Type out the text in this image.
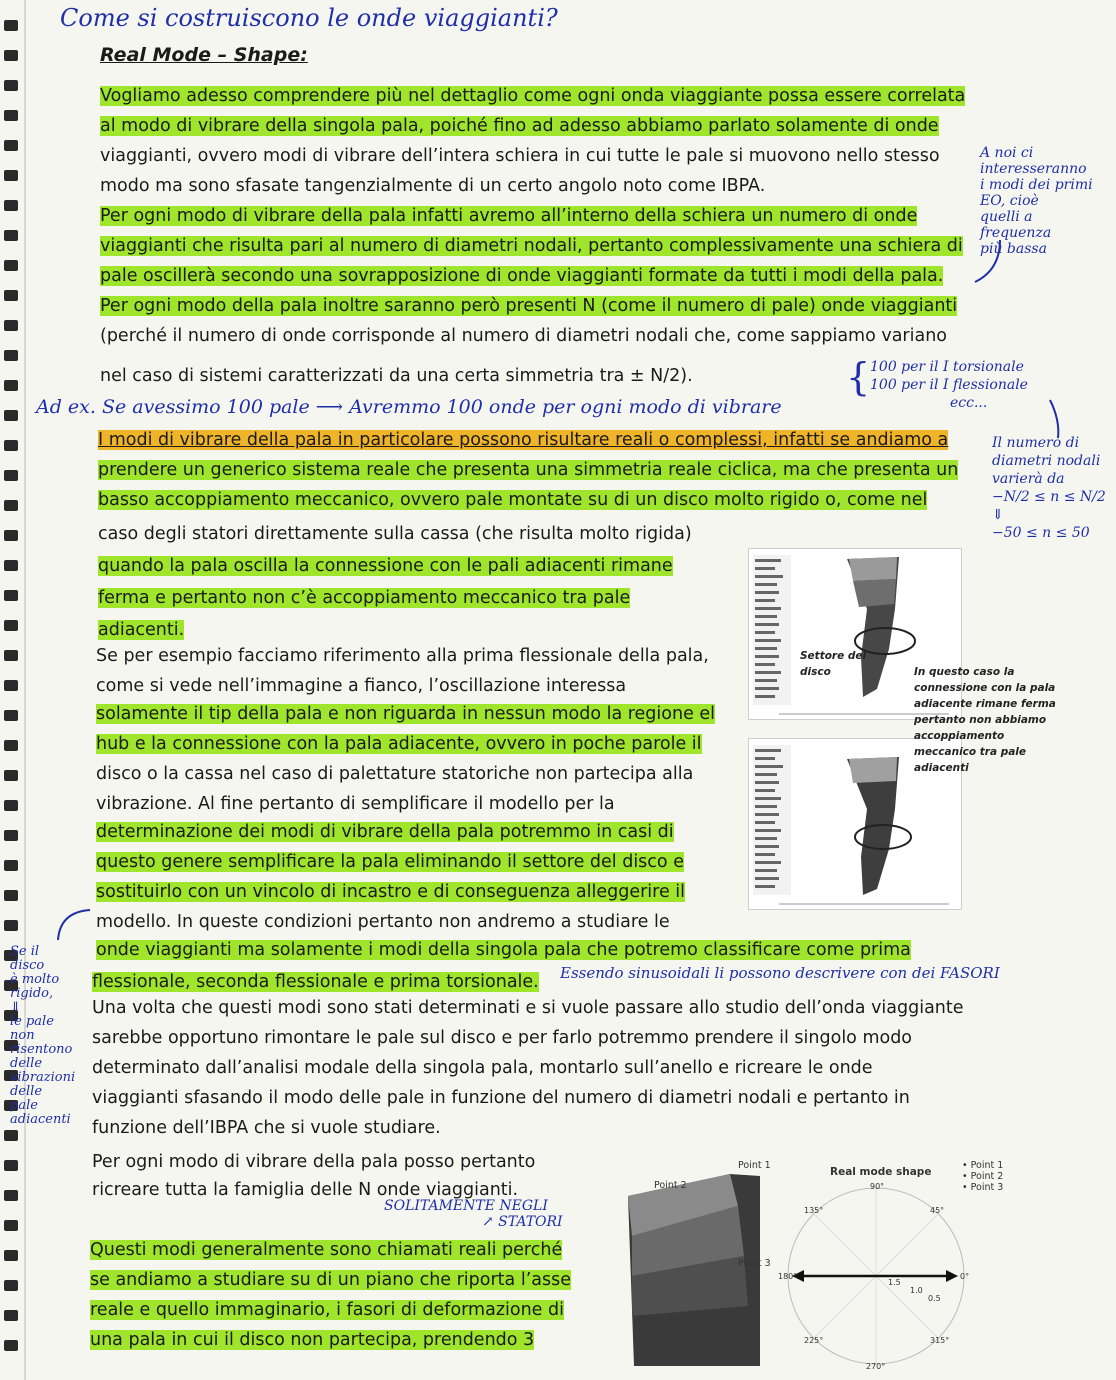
Come si costruiscono le onde viaggianti?
Real Mode – Shape:
Vogliamo adesso comprendere più nel dettaglio come ogni onda viaggiante possa essere correlata
al modo di vibrare della singola pala, poiché fino ad adesso abbiamo parlato solamente di onde
viaggianti, ovvero modi di vibrare dell’intera schiera in cui tutte le pale si muovono nello stesso
modo ma sono sfasate tangenzialmente di un certo angolo noto come IBPA.
Per ogni modo di vibrare della pala infatti avremo all’interno della schiera un numero di onde
viaggianti che risulta pari al numero di diametri nodali, pertanto complessivamente una schiera di
pale oscillerà secondo una sovrapposizione di onde viaggianti formate da tutti i modi della pala.
Per ogni modo della pala inoltre saranno però presenti N (come il numero di pale) onde viaggianti
(perché il numero di onde corrisponde al numero di diametri nodali che, come sappiamo variano
nel caso di sistemi caratterizzati da una certa simmetria tra ± N/2).
Ad ex. Se avessimo 100 pale ⟶ Avremmo 100 onde per ogni modo di vibrare
{ 100 per il I torsionale
100 per il I flessionale
ecc...
I modi di vibrare della pala in particolare possono risultare reali o complessi, infatti se andiamo a
prendere un generico sistema reale che presenta una simmetria reale ciclica, ma che presenta un
basso accoppiamento meccanico, ovvero pale montate su di un disco molto rigido o, come nel
caso degli statori direttamente sulla cassa (che risulta molto rigida)
quando la pala oscilla la connessione con le pali adiacenti rimane
ferma e pertanto non c’è accoppiamento meccanico tra pale
adiacenti.
Se per esempio facciamo riferimento alla prima flessionale della pala,
come si vede nell’immagine a fianco, l’oscillazione interessa
solamente il tip della pala e non riguarda in nessun modo la regione el
hub e la connessione con la pala adiacente, ovvero in poche parole il
disco o la cassa nel caso di palettature statoriche non partecipa alla
vibrazione. Al fine pertanto di semplificare il modello per la
determinazione dei modi di vibrare della pala potremmo in casi di
questo genere semplificare la pala eliminando il settore del disco e
sostituirlo con un vincolo di incastro e di conseguenza alleggerire il
modello. In queste condizioni pertanto non andremo a studiare le
onde viaggianti ma solamente i modi della singola pala che potremo classificare come prima
flessionale, seconda flessionale e prima torsionale. Essendo sinusoidali li possono descrivere con dei FASORI
Una volta che questi modi sono stati determinati e si vuole passare allo studio dell’onda viaggiante
sarebbe opportuno rimontare le pale sul disco e per farlo potremmo prendere il singolo modo
determinato dall’analisi modale della singola pala, montarlo sull’anello e ricreare le onde
viaggianti sfasando il modo delle pale in funzione del numero di diametri nodali e pertanto in
funzione dell’IBPA che si vuole studiare.
Per ogni modo di vibrare della pala posso pertanto
ricreare tutta la famiglia delle N onde viaggianti.
SOLITAMENTE NEGLI
↗ STATORI
Questi modi generalmente sono chiamati reali perché
se andiamo a studiare su di un piano che riporta l’asse
reale e quello immaginario, i fasori di deformazione di
una pala in cui il disco non partecipa, prendendo 3
A noi ci
interesseranno
i modi dei primi
EO, cioè
quelli a
frequenza
più bassa
Il numero di
diametri nodali
varierà da
−N/2 ≤ n ≤ N/2
⇓
−50 ≤ n ≤ 50
Se il
disco
è molto
rigido,
⇓
le pale
non
risentono
delle
vibrazioni
delle
pale
adiacenti
Settore del
disco	In questo caso la
connessione con la pala
adiacente rimane ferma
pertanto non abbiamo
accoppiamento
meccanico tra pale
adiacenti
Point 2
Point 1
Point 3
Real mode shape
90°
45°
0°
315°
270°
225°
180°
135°
1.5
1.0
0.5
• Point 1
• Point 2
• Point 3
